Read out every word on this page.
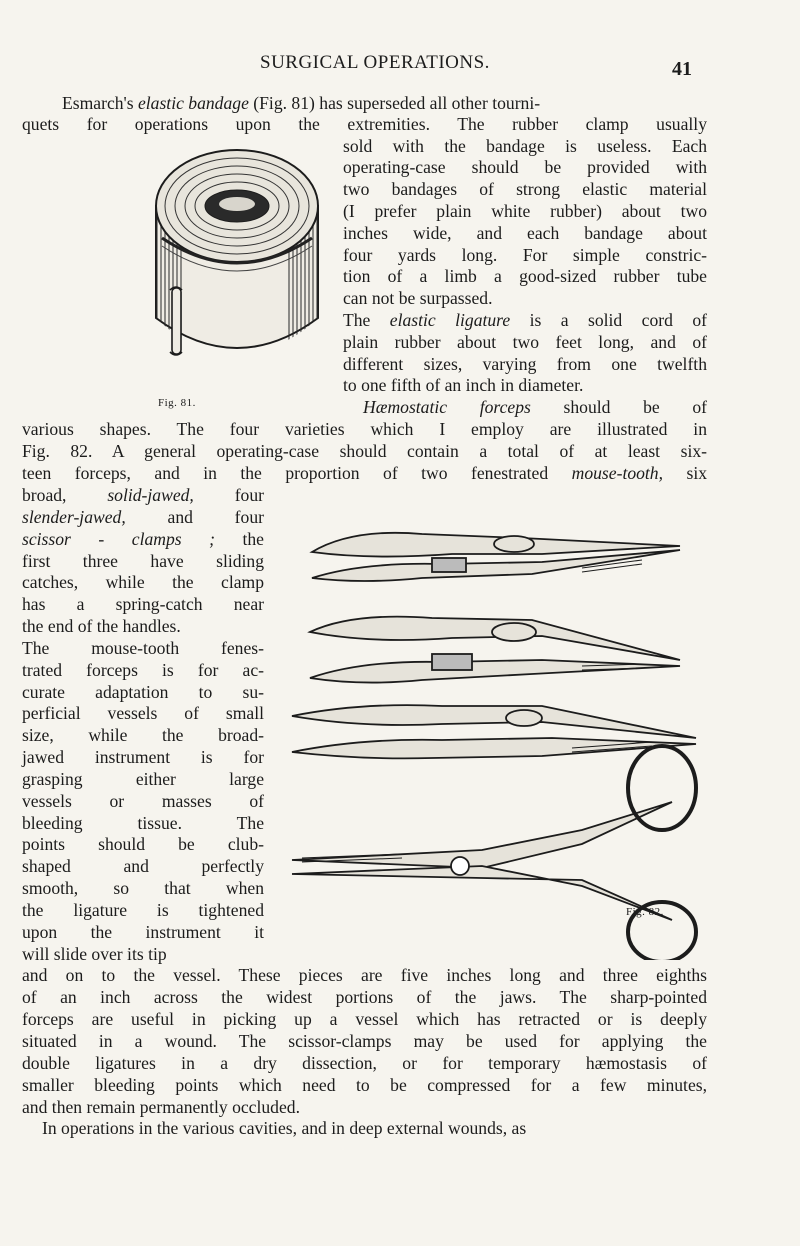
SURGICAL OPERATIONS.	41
Fig. 81.
Fig. 82.
Esmarch's elastic bandage (Fig. 81) has superseded all other tourni-
quets for operations upon the extremities. The rubber clamp usually
sold with the bandage is useless. Each
operating-case should be provided with
two bandages of strong elastic material
(I prefer plain white rubber) about two
inches wide, and each bandage about
four yards long. For simple constric-
tion of a limb a good-sized rubber tube
can not be surpassed.
The elastic ligature is a solid cord of
plain rubber about two feet long, and of
different sizes, varying from one twelfth
to one fifth of an inch in diameter.
Hæmostatic forceps should be of
various shapes. The four varieties which I employ are illustrated in
Fig. 82. A general operating-case should contain a total of at least six-
teen forceps, and in the proportion of two fenestrated mouse-tooth, six
broad, solid-jawed, four
slender-jawed, and four
scissor - clamps ; the
first three have sliding
catches, while the clamp
has a spring-catch near
the end of the handles.
The mouse-tooth fenes-
trated forceps is for ac-
curate adaptation to su-
perficial vessels of small
size, while the broad-
jawed instrument is for
grasping either large
vessels or masses of
bleeding tissue. The
points should be club-
shaped and perfectly
smooth, so that when
the ligature is tightened
upon the instrument it
will slide over its tip
and on to the vessel. These pieces are five inches long and three eighths
of an inch across the widest portions of the jaws. The sharp-pointed
forceps are useful in picking up a vessel which has retracted or is deeply
situated in a wound. The scissor-clamps may be used for applying the
double ligatures in a dry dissection, or for temporary hæmostasis of
smaller bleeding points which need to be compressed for a few minutes,
and then remain permanently occluded.
In operations in the various cavities, and in deep external wounds, as
